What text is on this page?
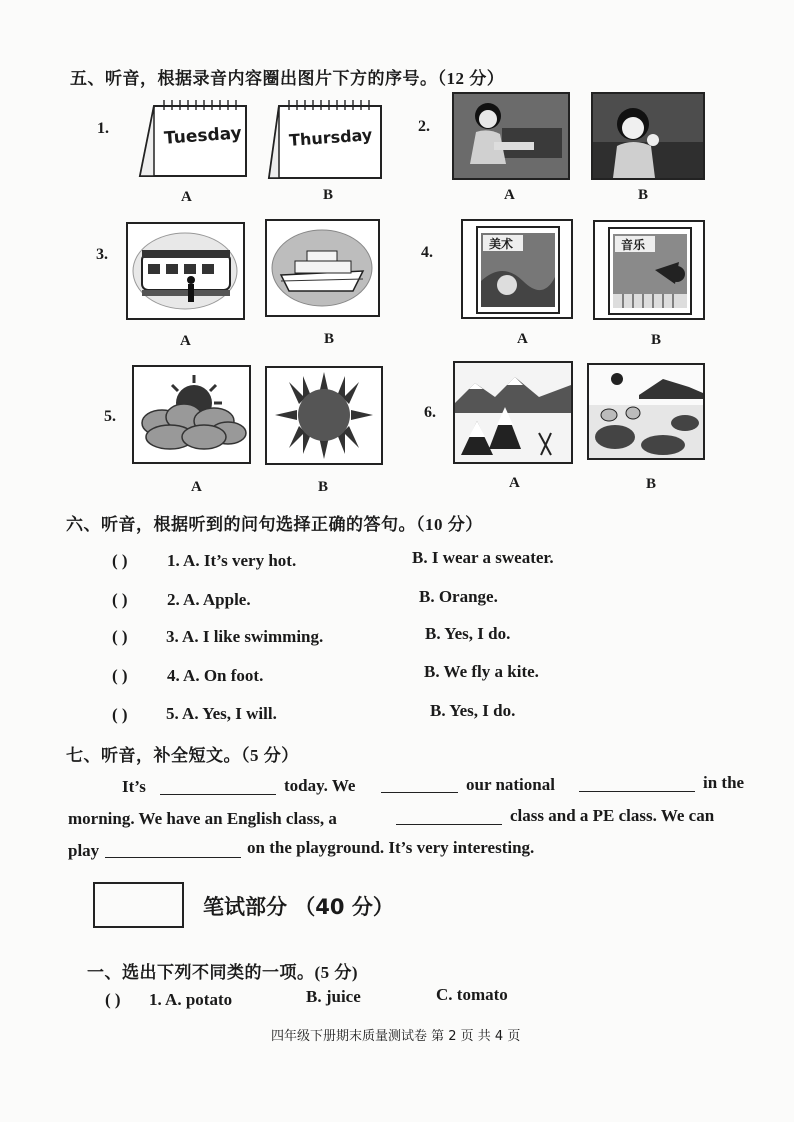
五、听音，根据录音内容圈出图片下方的序号。（12 分）
1.	Tuesday	Thursday
A	B
2.
A	B
3.
A	B
4.	美术	音乐
A	B
5.
A	B
6.
A	B
六、听音，根据听到的问句选择正确的答句。（10 分）
( ) 1. A. It’s very hot.	B. I wear a sweater.
( ) 2. A. Apple.	B. Orange.
( ) 3. A. I like swimming.	B. Yes, I do.
( ) 4. A. On foot.	B. We fly a kite.
( ) 5. A. Yes, I will.	B. Yes, I do.
七、听音，补全短文。（5 分）
It’s	today. We	our national	in the
morning. We have an English class, a	class and a PE class. We can
play	on the playground. It’s very interesting.
笔试部分 （40 分）
一、选出下列不同类的一项。(5 分)
( ) 1. A. potato	B. juice	C. tomato
四年级下册期末质量测试卷 第 2 页 共 4 页
